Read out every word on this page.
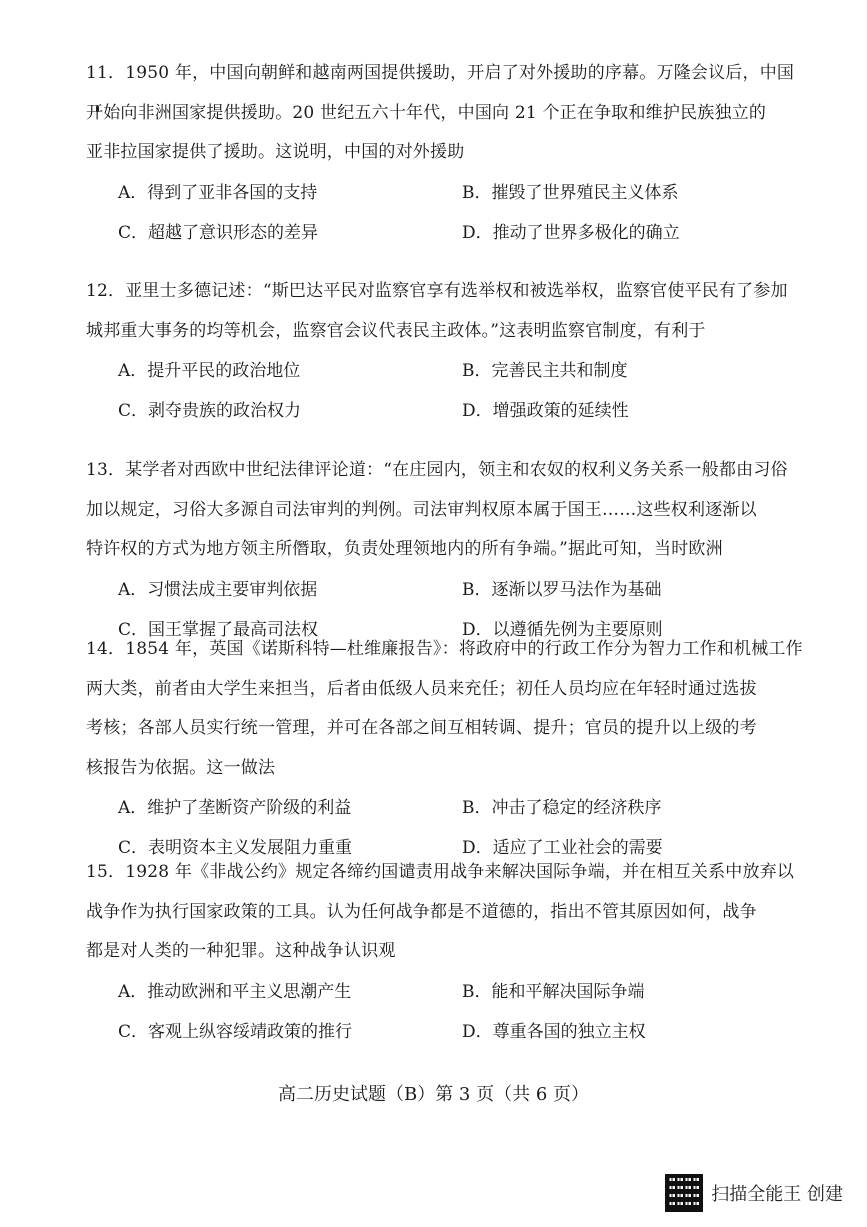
11．1950 年，中国向朝鲜和越南两国提供援助，开启了对外援助的序幕。万隆会议后，中国
开始向非洲国家提供援助。20 世纪五六十年代，中国向 21 个正在争取和维护民族独立的
亚非拉国家提供了援助。这说明，中国的对外援助
A．得到了亚非各国的支持	B．摧毁了世界殖民主义体系
C．超越了意识形态的差异	D．推动了世界多极化的确立
12．亚里士多德记述：“斯巴达平民对监察官享有选举权和被选举权，监察官使平民有了参加
城邦重大事务的均等机会，监察官会议代表民主政体。”这表明监察官制度，有利于
A．提升平民的政治地位	B．完善民主共和制度
C．剥夺贵族的政治权力	D．增强政策的延续性
13．某学者对西欧中世纪法律评论道：“在庄园内，领主和农奴的权利义务关系一般都由习俗
加以规定，习俗大多源自司法审判的判例。司法审判权原本属于国王……这些权利逐渐以
特许权的方式为地方领主所僭取，负责处理领地内的所有争端。”据此可知，当时欧洲
A．习惯法成主要审判依据	B．逐渐以罗马法作为基础
C．国王掌握了最高司法权	D．以遵循先例为主要原则
14．1854 年，英国《诺斯科特—杜维廉报告》：将政府中的行政工作分为智力工作和机械工作
两大类，前者由大学生来担当，后者由低级人员来充任；初任人员均应在年轻时通过选拔
考核；各部人员实行统一管理，并可在各部之间互相转调、提升；官员的提升以上级的考
核报告为依据。这一做法
A．维护了垄断资产阶级的利益	B．冲击了稳定的经济秩序
C．表明资本主义发展阻力重重	D．适应了工业社会的需要
15．1928 年《非战公约》规定各缔约国谴责用战争来解决国际争端，并在相互关系中放弃以
战争作为执行国家政策的工具。认为任何战争都是不道德的，指出不管其原因如何，战争
都是对人类的一种犯罪。这种战争认识观
A．推动欧洲和平主义思潮产生	B．能和平解决国际争端
C．客观上纵容绥靖政策的推行	D．尊重各国的独立主权
高二历史试题（B）第 3 页（共 6 页）
扫描全能王 创建
